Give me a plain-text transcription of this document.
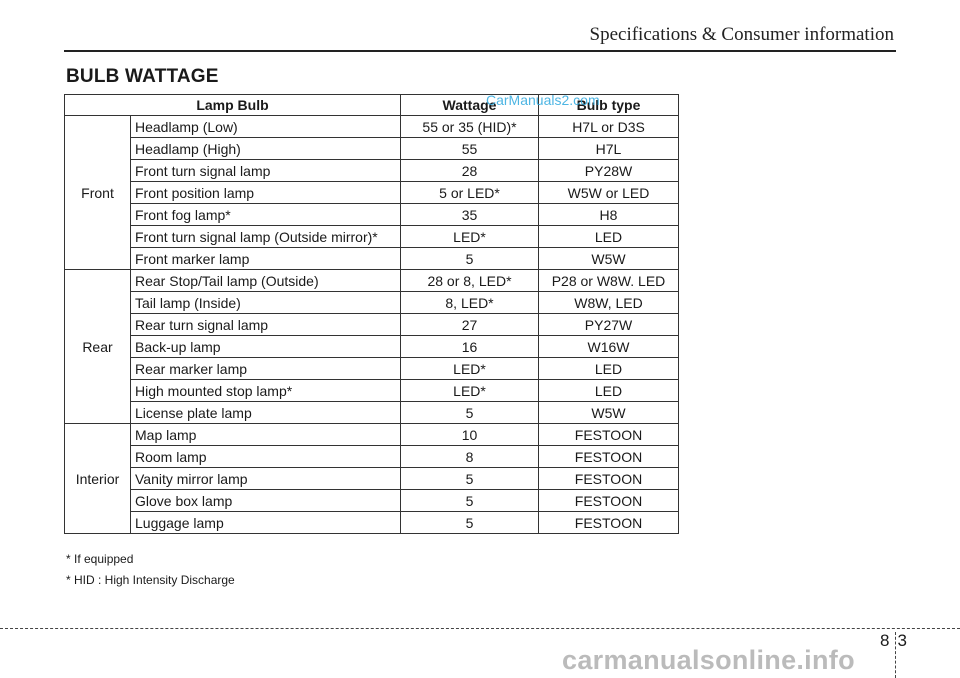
Specifications & Consumer information
BULB WATTAGE
Lamp Bulb		Wattage	Bulb type
Front	Headlamp (Low)	55 or 35 (HID)*	H7L or D3S
	Headlamp (High)	55	H7L
	Front turn signal lamp	28	PY28W
	Front position lamp	5 or LED*	W5W or LED
	Front fog lamp*	35	H8
	Front turn signal lamp (Outside mirror)*	LED*	LED
	Front marker lamp	5	W5W
Rear	Rear Stop/Tail lamp (Outside)	28 or 8, LED*	P28 or W8W. LED
	Tail lamp (Inside)	8, LED*	W8W, LED
	Rear turn signal lamp	27	PY27W
	Back-up lamp	16	W16W
	Rear marker lamp	LED*	LED
	High mounted stop lamp*	LED*	LED
	License plate lamp	5	W5W
Interior	Map lamp	10	FESTOON
	Room lamp	8	FESTOON
	Vanity mirror lamp	5	FESTOON
	Glove box lamp	5	FESTOON
	Luggage lamp	5	FESTOON
CarManuals2.com
* If equipped
* HID : High Intensity Discharge
8 3
carmanualsonline.info
